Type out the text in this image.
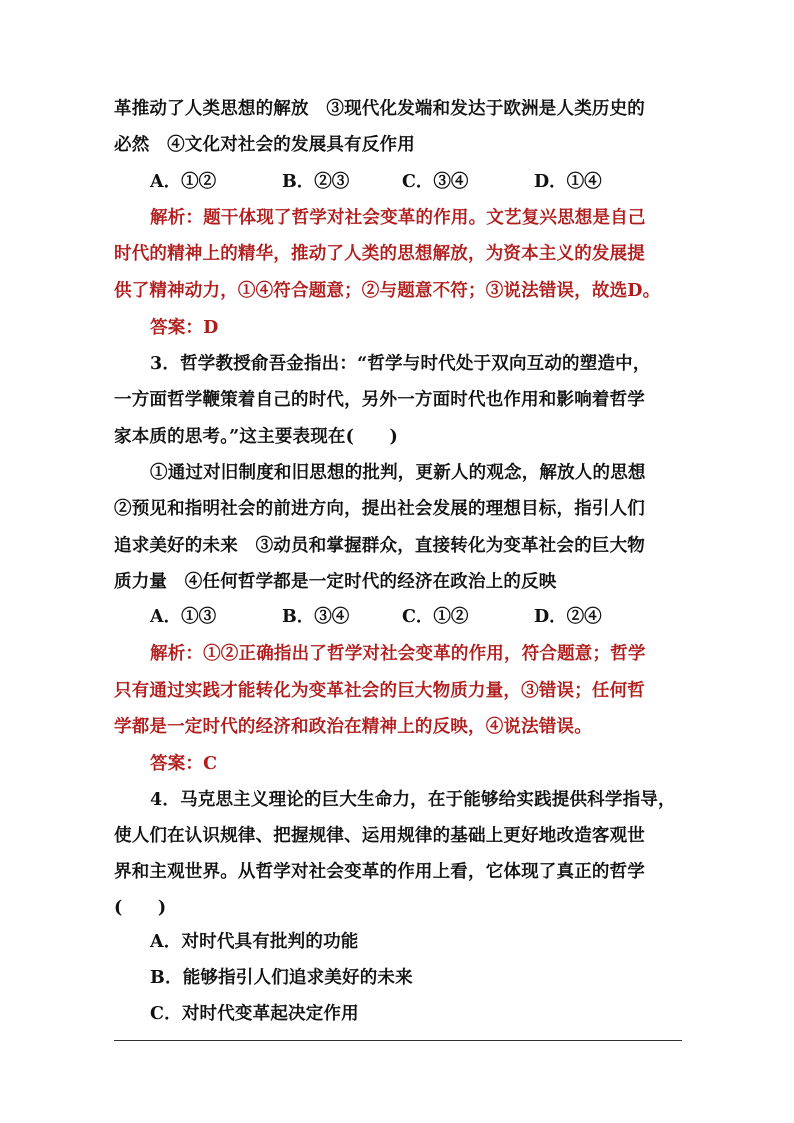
革推动了人类思想的解放　③现代化发端和发达于欧洲是人类历史的
必然　④文化对社会的发展具有反作用
A．①②	B．②③	C．③④	D．①④
解析：题干体现了哲学对社会变革的作用。文艺复兴思想是自己
时代的精神上的精华，推动了人类的思想解放，为资本主义的发展提
供了精神动力，①④符合题意；②与题意不符；③说法错误，故选D。
答案：D
3．哲学教授俞吾金指出：“哲学与时代处于双向互动的塑造中，
一方面哲学鞭策着自己的时代，另外一方面时代也作用和影响着哲学
家本质的思考。”这主要表现在(　　)
①通过对旧制度和旧思想的批判，更新人的观念，解放人的思想
②预见和指明社会的前进方向，提出社会发展的理想目标，指引人们
追求美好的未来　③动员和掌握群众，直接转化为变革社会的巨大物
质力量　④任何哲学都是一定时代的经济在政治上的反映
A．①③	B．③④	C．①②	D．②④
解析：①②正确指出了哲学对社会变革的作用，符合题意；哲学
只有通过实践才能转化为变革社会的巨大物质力量，③错误；任何哲
学都是一定时代的经济和政治在精神上的反映，④说法错误。
答案：C
4．马克思主义理论的巨大生命力，在于能够给实践提供科学指导，
使人们在认识规律、把握规律、运用规律的基础上更好地改造客观世
界和主观世界。从哲学对社会变革的作用上看，它体现了真正的哲学
(　　)
A．对时代具有批判的功能
B．能够指引人们追求美好的未来
C．对时代变革起决定作用
